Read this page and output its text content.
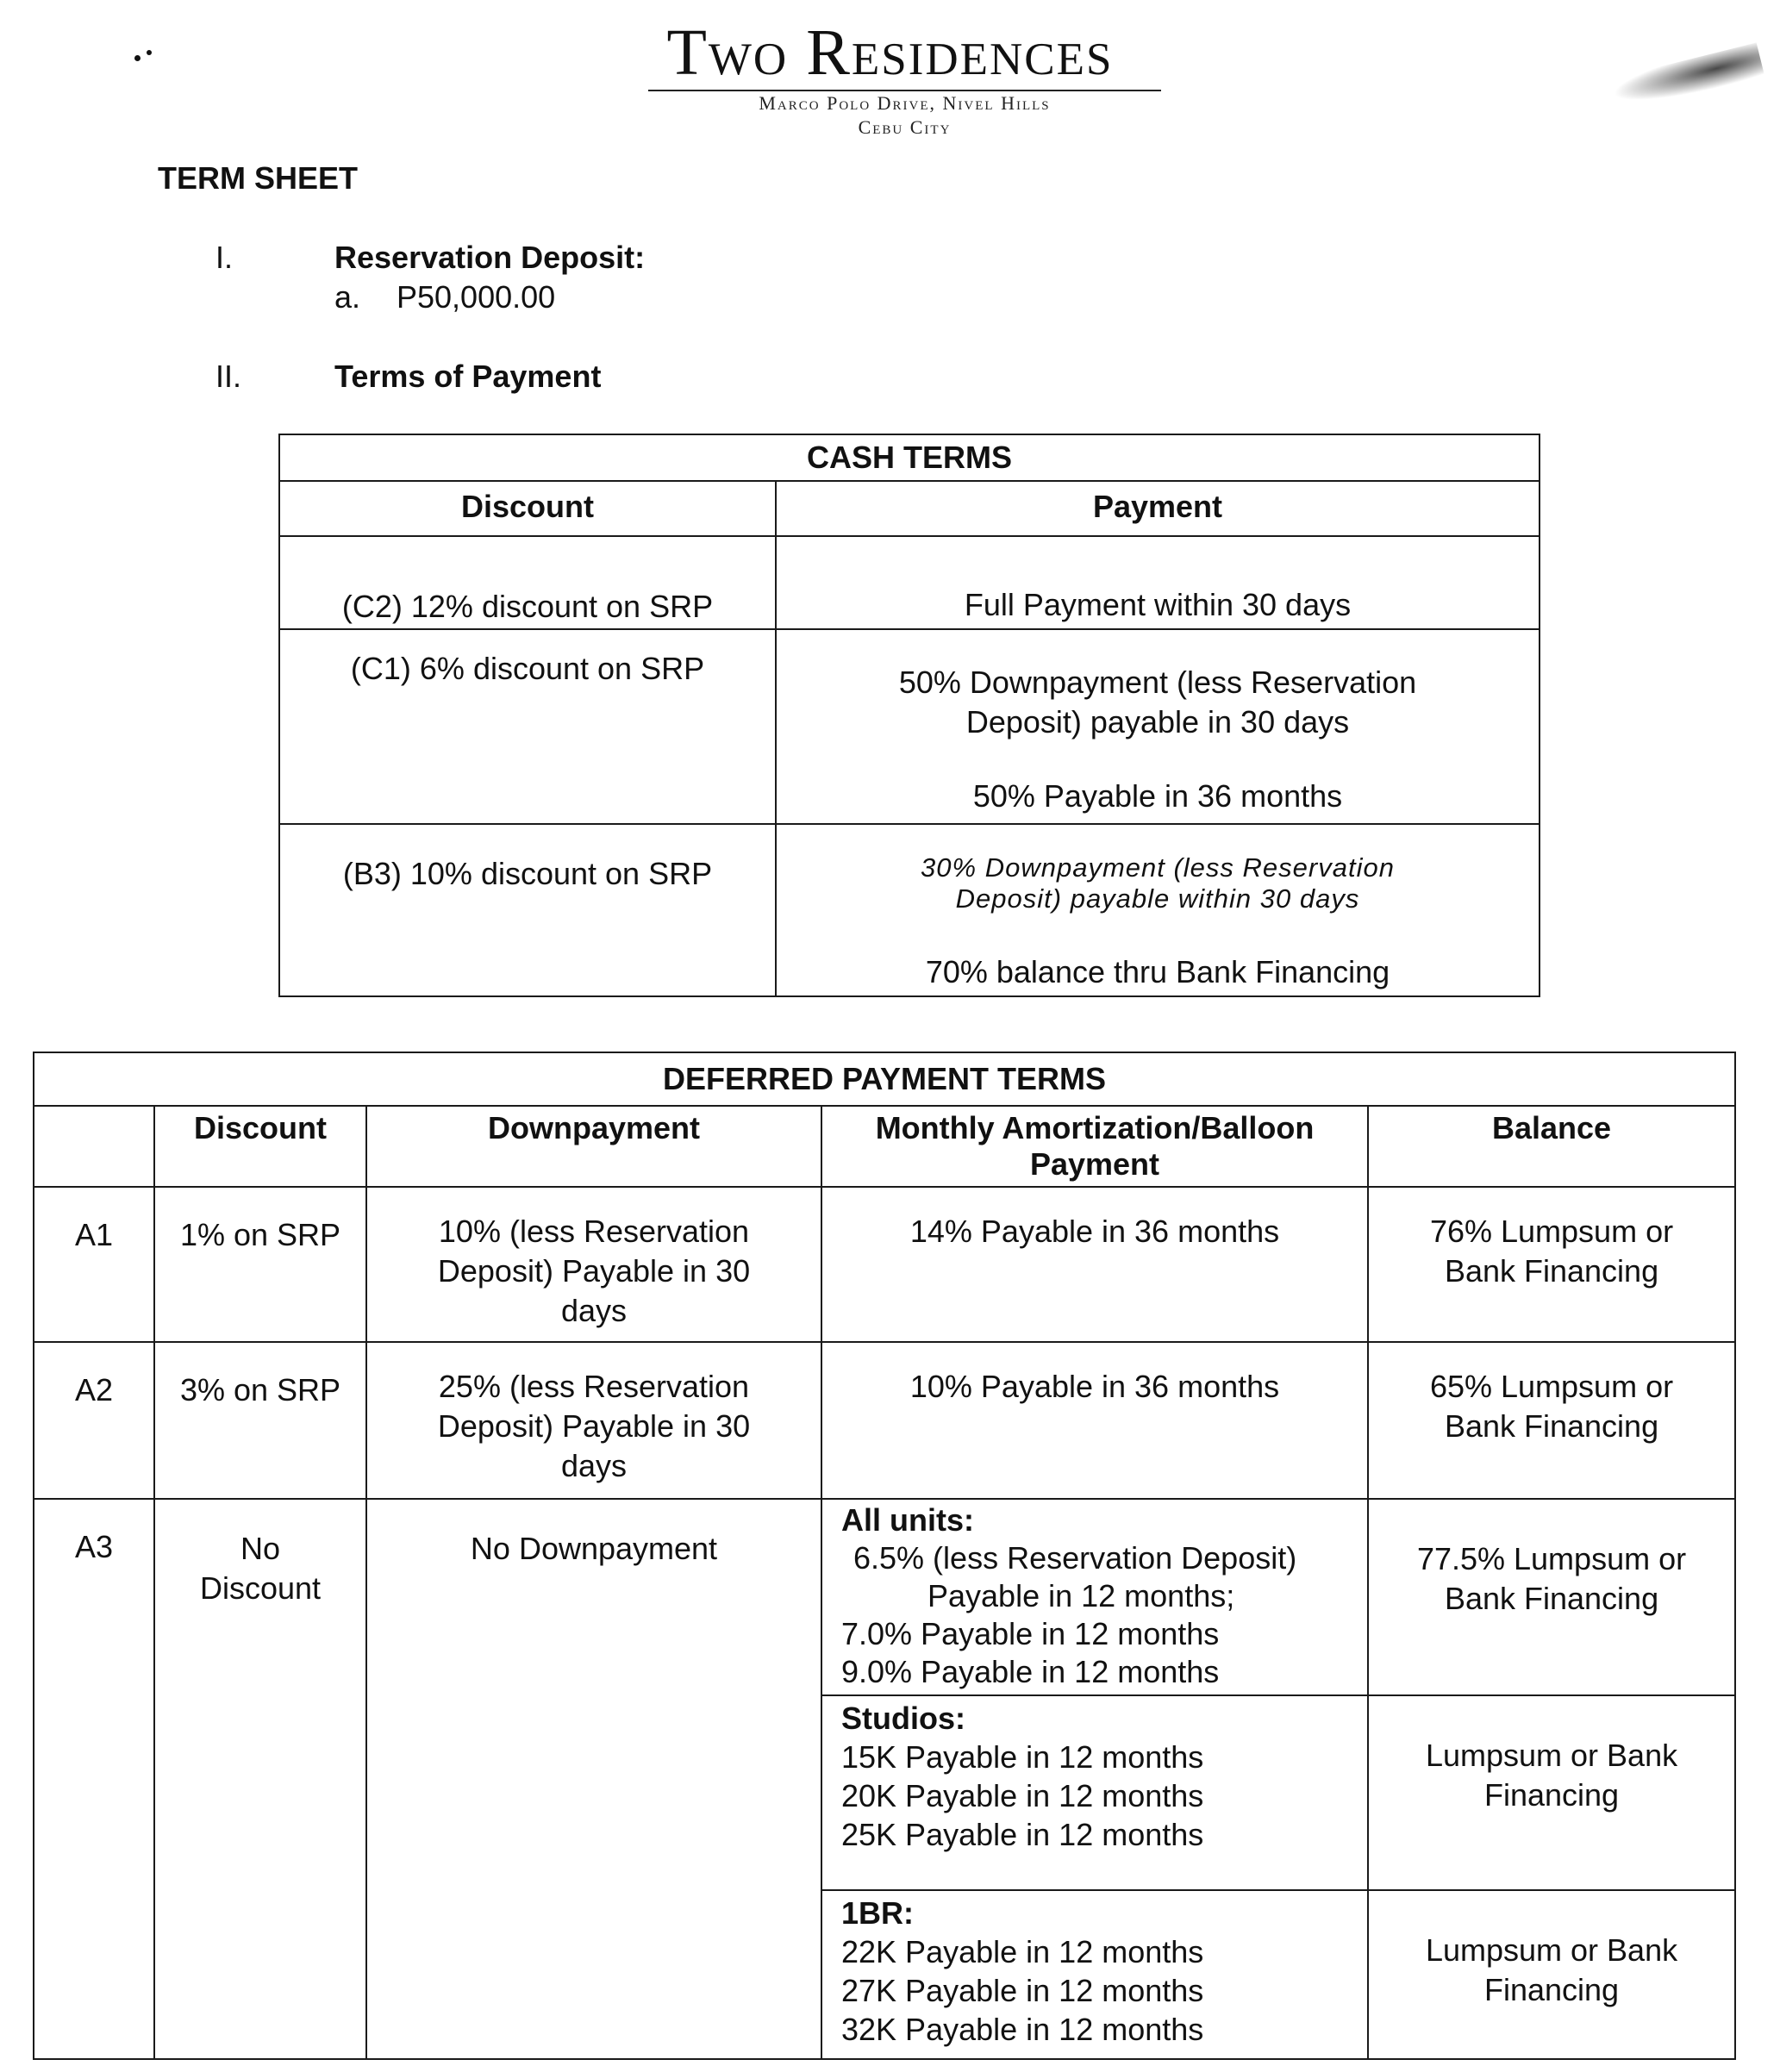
Two Residences
Marco Polo Drive, Nivel Hills
Cebu City
TERM SHEET
I.	Reservation Deposit:
a. P50,000.00
II.	Terms of Payment
CASH TERMS	
Discount	Payment
(C2) 12% discount on SRP	Full Payment within 30 days

(C1) 6% discount on SRP	50% Downpayment (less Reservation
Deposit) payable in 30 days
50% Payable in 36 months

(B3) 10% discount on SRP	30% Downpayment (less Reservation
Deposit) payable within 30 days
70% balance thru Bank Financing
DEFERRED PAYMENT TERMS				
	Discount	Downpayment	Monthly Amortization/Balloon Payment	Balance
A1	1% on SRP	10% (less Reservation
Deposit) Payable in 30
days	14% Payable in 36 months	76% Lumpsum or
Bank Financing

A2	3% on SRP	25% (less Reservation
Deposit) Payable in 30
days	10% Payable in 36 months	65% Lumpsum or
Bank Financing

A3	No
Discount	No Downpayment	All units:
6.5% (less Reservation Deposit)
Payable in 12 months;
7.0% Payable in 12 months
9.0% Payable in 12 months	77.5% Lumpsum or
Bank Financing

			Studios:
15K Payable in 12 months
20K Payable in 12 months
25K Payable in 12 months	Lumpsum or Bank
Financing

			1BR:
22K Payable in 12 months
27K Payable in 12 months
32K Payable in 12 months	Lumpsum or Bank
Financing
